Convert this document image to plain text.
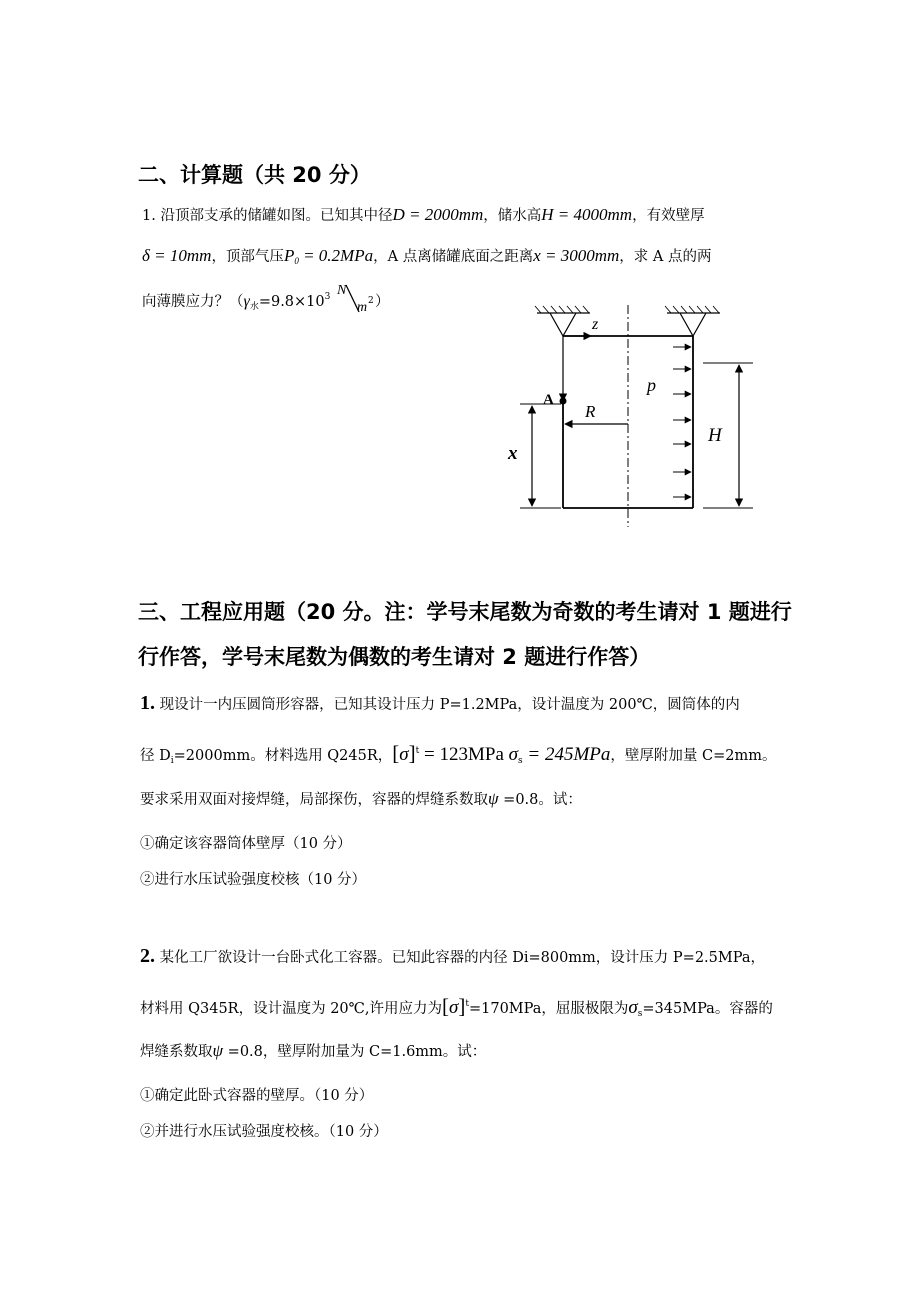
二、计算题（共 20 分）
1. 沿顶部支承的储罐如图。已知其中径D = 2000mm，储水高H = 4000mm，有效壁厚
δ = 10mm，顶部气压$P_0 = 0.2MPa$，A 点离储罐底面之距离x = 3000mm，求 A 点的两
向薄膜应力？（$\gamma_水=9.8\times 10^3$ N
m 2 ）
z
A
R
p
H
x
三、工程应用题（20 分。注：学号末尾数为奇数的考生请对 1 题进行
行作答，学号末尾数为偶数的考生请对 2 题进行作答）
1. 现设计一内压圆筒形容器，已知其设计压力 P=1.2MPa，设计温度为 200℃，圆筒体的内
径 $D_i=2000mm$。材料选用 Q245R，$[\sigma]^t = 123MPa$ $\sigma_s = 245MPa$，壁厚附加量 C=2mm。
要求采用双面对接焊缝，局部探伤，容器的焊缝系数取ψ =0.8。试：
①确定该容器筒体壁厚（10 分）
②进行水压试验强度校核（10 分）
2. 某化工厂欲设计一台卧式化工容器。已知此容器的内径 Di=800mm，设计压力 P=2.5MPa，
材料用 Q345R，设计温度为 20℃,许用应力为$[\sigma]^t=170MPa$，屈服极限为$\sigma_s=345MPa$。容器的
焊缝系数取ψ =0.8，壁厚附加量为 C=1.6mm。试：
①确定此卧式容器的壁厚。（10 分）
②并进行水压试验强度校核。（10 分）
